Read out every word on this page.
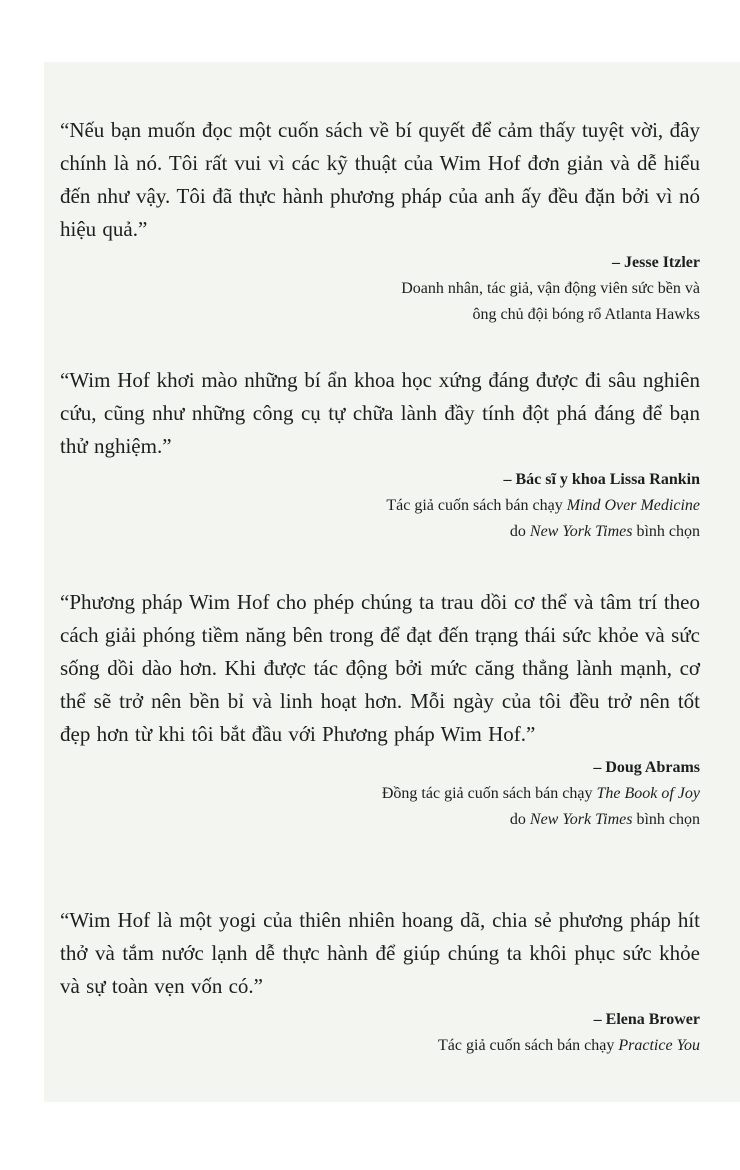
“Nếu bạn muốn đọc một cuốn sách về bí quyết để cảm thấy tuyệt vời, đây chính là nó. Tôi rất vui vì các kỹ thuật của Wim Hof đơn giản và dễ hiểu đến như vậy. Tôi đã thực hành phương pháp của anh ấy đều đặn bởi vì nó hiệu quả.”

– Jesse Itzler
Doanh nhân, tác giả, vận động viên sức bền và
ông chủ đội bóng rổ Atlanta Hawks

“Wim Hof khơi mào những bí ẩn khoa học xứng đáng được đi sâu nghiên cứu, cũng như những công cụ tự chữa lành đầy tính đột phá đáng để bạn thử nghiệm.”

– Bác sĩ y khoa Lissa Rankin
Tác giả cuốn sách bán chạy Mind Over Medicine
do New York Times bình chọn

“Phương pháp Wim Hof cho phép chúng ta trau dồi cơ thể và tâm trí theo cách giải phóng tiềm năng bên trong để đạt đến trạng thái sức khỏe và sức sống dồi dào hơn. Khi được tác động bởi mức căng thẳng lành mạnh, cơ thể sẽ trở nên bền bỉ và linh hoạt hơn. Mỗi ngày của tôi đều trở nên tốt đẹp hơn từ khi tôi bắt đầu với Phương pháp Wim Hof.”

– Doug Abrams
Đồng tác giả cuốn sách bán chạy The Book of Joy
do New York Times bình chọn

“Wim Hof là một yogi của thiên nhiên hoang dã, chia sẻ phương pháp hít thở và tắm nước lạnh dễ thực hành để giúp chúng ta khôi phục sức khỏe và sự toàn vẹn vốn có.”

– Elena Brower
Tác giả cuốn sách bán chạy Practice You
